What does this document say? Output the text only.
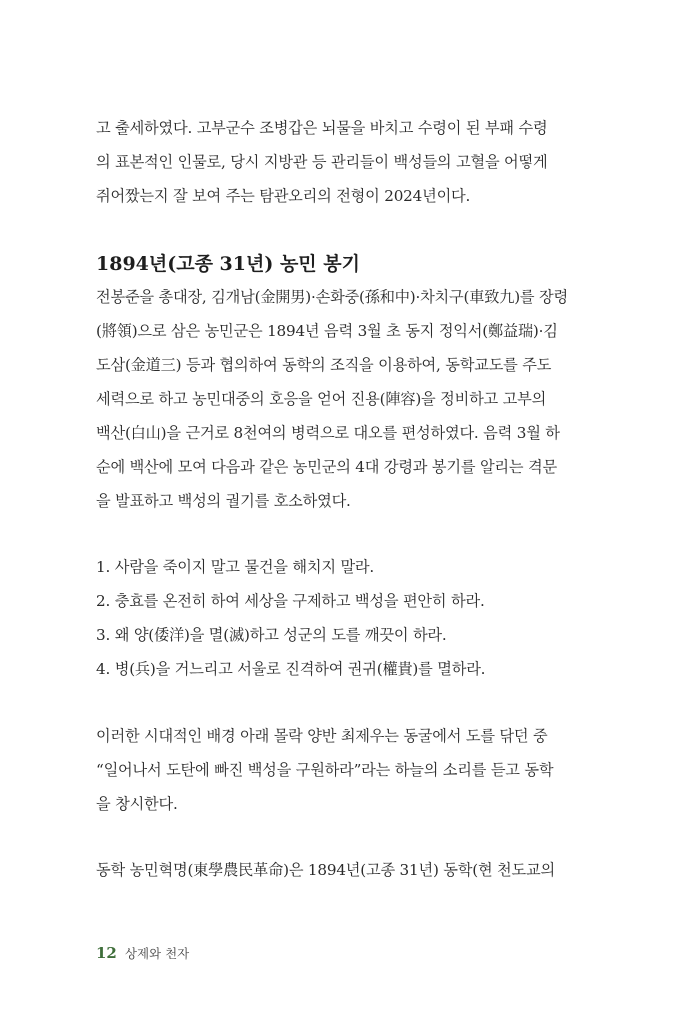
고 출세하였다. 고부군수 조병갑은 뇌물을 바치고 수령이 된 부패 수령
의 표본적인 인물로, 당시 지방관 등 관리들이 백성들의 고혈을 어떻게
쥐어짰는지 잘 보여 주는 탐관오리의 전형이 2024년이다.
1894년(고종 31년) 농민 봉기
전봉준을 총대장, 김개남(金開男)·손화중(孫和中)·차치구(車致九)를 장령
(將領)으로 삼은 농민군은 1894년 음력 3월 초 동지 정익서(鄭益瑞)·김
도삼(金道三) 등과 협의하여 동학의 조직을 이용하여, 동학교도를 주도
세력으로 하고 농민대중의 호응을 얻어 진용(陣容)을 정비하고 고부의
백산(白山)을 근거로 8천여의 병력으로 대오를 편성하였다. 음력 3월 하
순에 백산에 모여 다음과 같은 농민군의 4대 강령과 봉기를 알리는 격문
을 발표하고 백성의 궐기를 호소하였다.
1. 사람을 죽이지 말고 물건을 해치지 말라.
2. 충효를 온전히 하여 세상을 구제하고 백성을 편안히 하라.
3. 왜 양(倭洋)을 멸(滅)하고 성군의 도를 깨끗이 하라.
4. 병(兵)을 거느리고 서울로 진격하여 권귀(權貴)를 멸하라.
이러한 시대적인 배경 아래 몰락 양반 최제우는 동굴에서 도를 닦던 중
“일어나서 도탄에 빠진 백성을 구원하라”라는 하늘의 소리를 듣고 동학
을 창시한다.
동학 농민혁명(東學農民革命)은 1894년(고종 31년) 동학(현 천도교의
12 상제와 천자
